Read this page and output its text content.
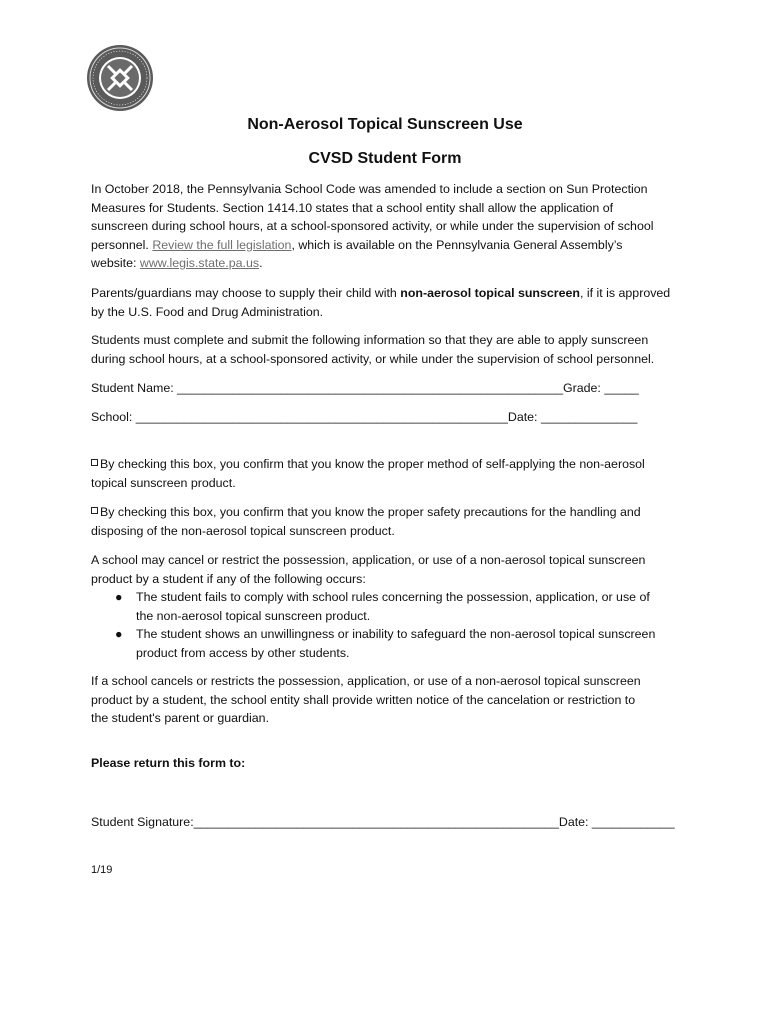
Non-Aerosol Topical Sunscreen Use
CVSD Student Form
In October 2018, the Pennsylvania School Code was amended to include a section on Sun Protection
Measures for Students. Section 1414.10 states that a school entity shall allow the application of
sunscreen during school hours, at a school-sponsored activity, or while under the supervision of school
personnel. Review the full legislation, which is available on the Pennsylvania General Assembly’s
website: www.legis.state.pa.us.
Parents/guardians may choose to supply their child with non-aerosol topical sunscreen, if it is approved
by the U.S. Food and Drug Administration.
Students must complete and submit the following information so that they are able to apply sunscreen
during school hours, at a school-sponsored activity, or while under the supervision of school personnel.
Student Name: ________________________________________________________Grade: _____
School: ______________________________________________________Date: ______________
By checking this box, you confirm that you know the proper method of self-applying the non-aerosol
topical sunscreen product.
By checking this box, you confirm that you know the proper safety precautions for the handling and
disposing of the non-aerosol topical sunscreen product.
A school may cancel or restrict the possession, application, or use of a non-aerosol topical sunscreen
product by a student if any of the following occurs:
● The student fails to comply with school rules concerning the possession, application, or use of
the non-aerosol topical sunscreen product.
● The student shows an unwillingness or inability to safeguard the non-aerosol topical sunscreen
product from access by other students.
If a school cancels or restricts the possession, application, or use of a non-aerosol topical sunscreen
product by a student, the school entity shall provide written notice of the cancelation or restriction to
the student's parent or guardian.
Please return this form to:
Student Signature:_____________________________________________________Date: ____________
1/19
